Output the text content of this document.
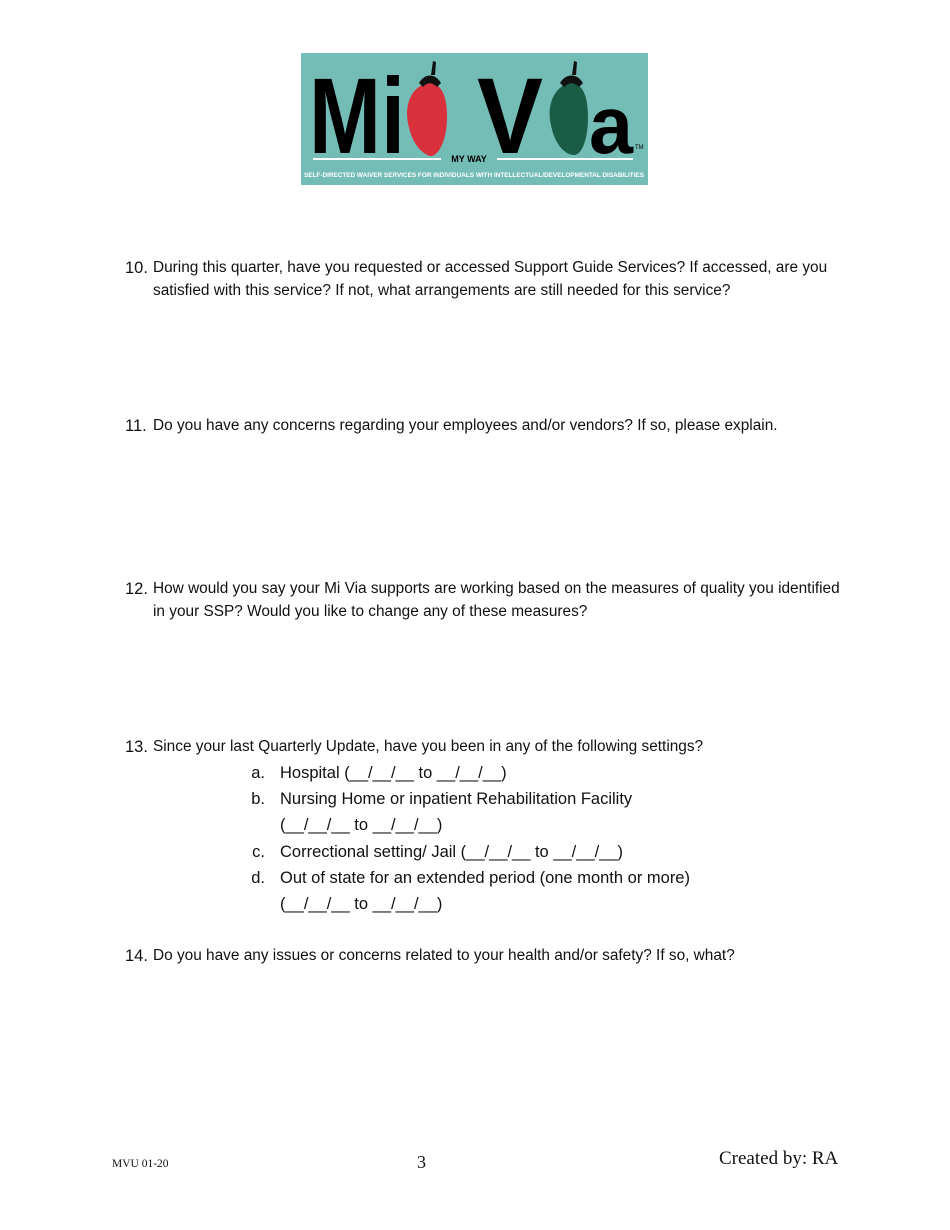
Mi V a TM
MY WAY
SELF-DIRECTED WAIVER SERVICES FOR INDIVIDUALS WITH INTELLECTUAL/DEVELOPMENTAL DISABILITIES
10. During this quarter, have you requested or accessed Support Guide Services? If accessed, are you satisfied with this service? If not, what arrangements are still needed for this service?
11. Do you have any concerns regarding your employees and/or vendors? If so, please explain.
12. How would you say your Mi Via supports are working based on the measures of quality you identified in your SSP? Would you like to change any of these measures?
13. Since your last Quarterly Update, have you been in any of the following settings?
a. Hospital (__/__/__ to __/__/__)
b. Nursing Home or inpatient Rehabilitation Facility
(__/__/__ to __/__/__)
c. Correctional setting/ Jail (__/__/__ to __/__/__)
d. Out of state for an extended period (one month or more)
(__/__/__ to __/__/__)
14. Do you have any issues or concerns related to your health and/or safety? If so, what?
MVU 01-20	3	Created by: RA
